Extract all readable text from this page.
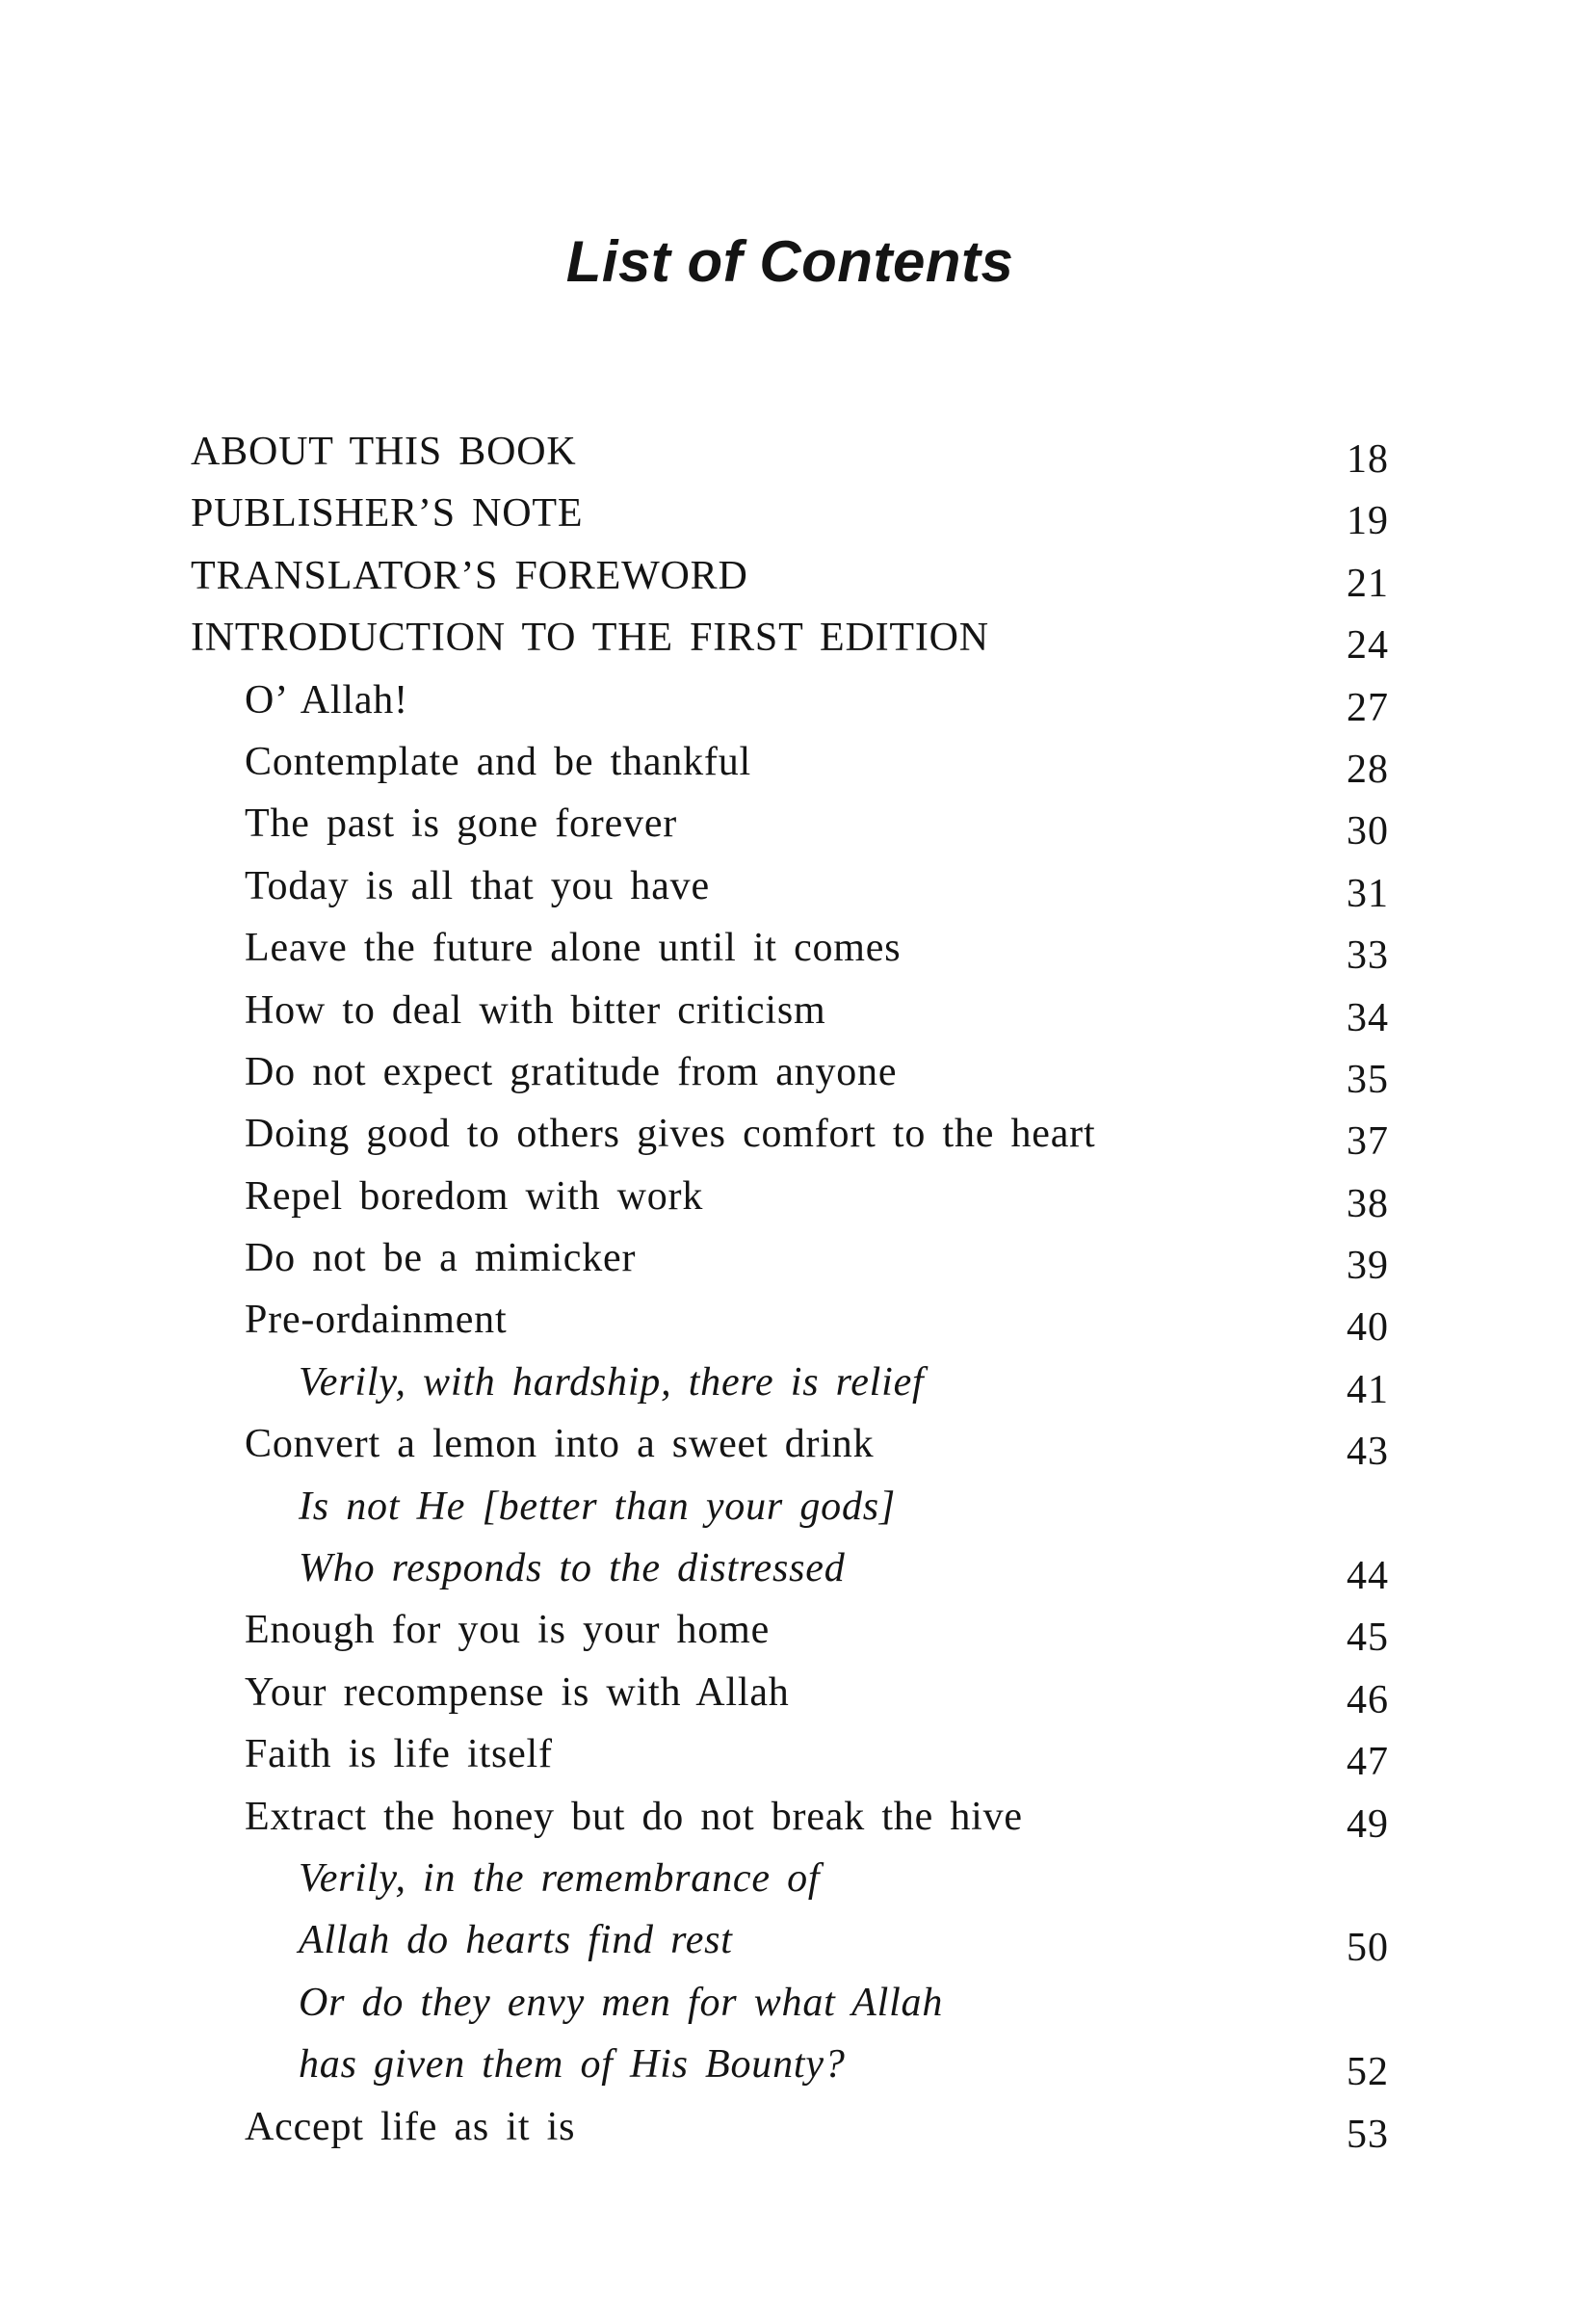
List of Contents
ABOUT THIS BOOK	18
PUBLISHER’S NOTE	19
TRANSLATOR’S FOREWORD	21
INTRODUCTION TO THE FIRST EDITION	24
O’ Allah!	27
Contemplate and be thankful	28
The past is gone forever	30
Today is all that you have	31
Leave the future alone until it comes	33
How to deal with bitter criticism	34
Do not expect gratitude from anyone	35
Doing good to others gives comfort to the heart	37
Repel boredom with work	38
Do not be a mimicker	39
Pre-ordainment	40
Verily, with hardship, there is relief	41
Convert a lemon into a sweet drink	43
Is not He [better than your gods]
Who responds to the distressed	44
Enough for you is your home	45
Your recompense is with Allah	46
Faith is life itself	47
Extract the honey but do not break the hive	49
Verily, in the remembrance of
Allah do hearts find rest	50
Or do they envy men for what Allah
has given them of His Bounty?	52
Accept life as it is	53
